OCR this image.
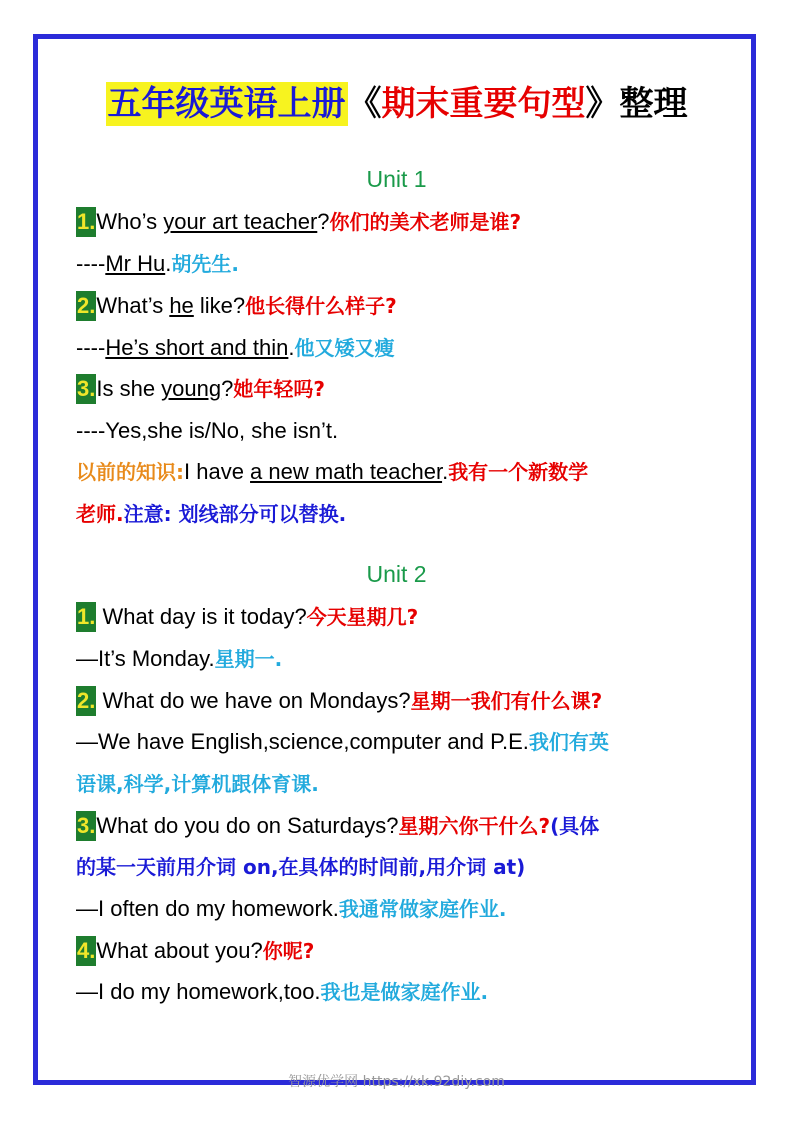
五年级英语上册《期末重要句型》整理
Unit 1
1.Who’s your art teacher?你们的美术老师是谁?
----Mr Hu.胡先生.
2.What’s he like?他长得什么样子?
----He’s short and thin.他又矮又瘦
3.Is she young?她年轻吗?
----Yes,she is/No, she isn’t.
以前的知识:I have a new math teacher.我有一个新数学
老师.注意: 划线部分可以替换.
Unit 2
1. What day is it today?今天星期几?
—It’s Monday.星期一.
2. What do we have on Mondays?星期一我们有什么课?
—We have English,science,computer and P.E.我们有英
语课,科学,计算机跟体育课.
3.What do you do on Saturdays?星期六你干什么?(具体
的某一天前用介词 on,在具体的时间前,用介词 at)
—I often do my homework.我通常做家庭作业.
4.What about you?你呢?
—I do my homework,too.我也是做家庭作业.
智源优学网 https://xk.92diy.com
